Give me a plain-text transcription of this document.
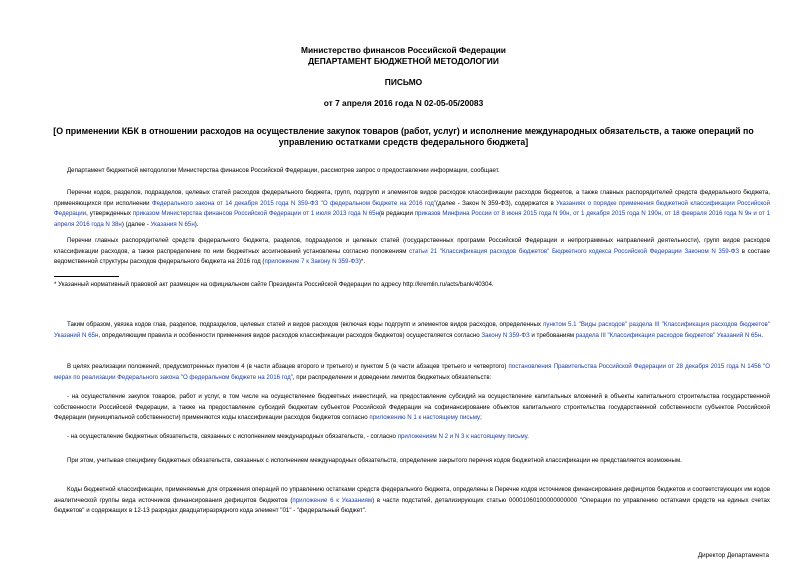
Министерство финансов Российской Федерации
ДЕПАРТАМЕНТ БЮДЖЕТНОЙ МЕТОДОЛОГИИ
ПИСЬМО
от 7 апреля 2016 года N 02-05-05/20083
[О применении КБК в отношении расходов на осуществление закупок товаров (работ, услуг) и исполнение международных обязательств, а также операций по управлению остатками средств федерального бюджета]

Департамент бюджетной методологии Министерства финансов Российской Федерации, рассмотрев запрос о предоставлении информации, сообщает.

Перечни кодов, разделов, подразделов, целевых статей расходов федерального бюджета, групп, подгрупп и элементов видов расходов классификации расходов бюджетов, а также главных распорядителей средств федерального бюджета, применяющихся при исполнении Федерального закона от 14 декабря 2015 года N 359-ФЗ "О федеральном бюджете на 2016 год"(далее - Закон N 359-ФЗ), содержатся в Указаниях о порядке применения бюджетной классификации Российской Федерации, утвержденных приказом Министерства финансов Российской Федерации от 1 июля 2013 года N 65н(в редакции приказов Минфина России от 8 июня 2015 года N 90н, от 1 декабря 2015 года N 190н, от 18 февраля 2016 года N 9н и от 1 апреля 2016 года N 38н) (далее - Указания N 65н).

Перечни главных распорядителей средств федерального бюджета, разделов, подразделов и целевых статей (государственных программ Российской Федерации и непрограммных направлений деятельности), групп видов расходов классификации расходов, а также распределение по ним бюджетных ассигнований установлены согласно положениям статьи 21 "Классификация расходов бюджетов" Бюджетного кодекса Российской Федерации Законом N 359-ФЗ в составе ведомственной структуры расходов федерального бюджета на 2016 год (приложение 7 к Закону N 359-ФЗ)*.

* Указанный нормативный правовой акт размещен на официальном сайте Президента Российской Федерации по адресу http://kremlin.ru/acts/bank/40304.

Таким образом, увязка кодов глав, разделов, подразделов, целевых статей и видов расходов (включая коды подгрупп и элементов видов расходов, определенных пунктом 5.1 "Виды расходов" раздела III "Классификация расходов бюджетов" Указаний N 65н, определяющим правила и особенности применения видов расходов классификации расходов бюджетов) осуществляется согласно Закону N 359-ФЗ и требованиям раздела III "Классификация расходов бюджетов" Указаний N 65н.

В целях реализации положений, предусмотренных пунктом 4 (в части абзацев второго и третьего) и пунктом 5 (в части абзацев третьего и четвертого) постановления Правительства Российской Федерации от 28 декабря 2015 года N 1456 "О мерах по реализации Федерального закона "О федеральном бюджете на 2016 год", при распределении и доведении лимитов бюджетных обязательств:

- на осуществление закупок товаров, работ и услуг, в том числе на осуществление бюджетных инвестиций, на предоставление субсидий на осуществление капитальных вложений в объекты капитального строительства государственной собственности Российской Федерации, а также на предоставление субсидий бюджетам субъектов Российской Федерации на софинансирование объектов капитального строительства государственной собственности субъектов Российской Федерации (муниципальной собственности) применяются коды классификации расходов бюджетов согласно приложению N 1 к настоящему письму;

- на осуществление бюджетных обязательств, связанных с исполнением международных обязательств, - согласно приложениям N 2 и N 3 к настоящему письму.

При этом, учитывая специфику бюджетных обязательств, связанных с исполнением международных обязательств, определение закрытого перечня кодов бюджетной классификации не представляется возможным.

Коды бюджетной классификации, применяемые для отражения операций по управлению остатками средств федерального бюджета, определены в Перечне кодов источников финансирования дефицитов бюджетов и соответствующих им кодов аналитической группы вида источников финансирования дефицитов бюджетов (приложение 6 к Указаниям) в части подстатей, детализирующих статью 00001060100000000000 "Операции по управлению остатками средств на единых счетах бюджетов" и содержащих в 12-13 разрядах двадцатиразрядного кода элемент "01" - "федеральный бюджет".

Директор Департамента
